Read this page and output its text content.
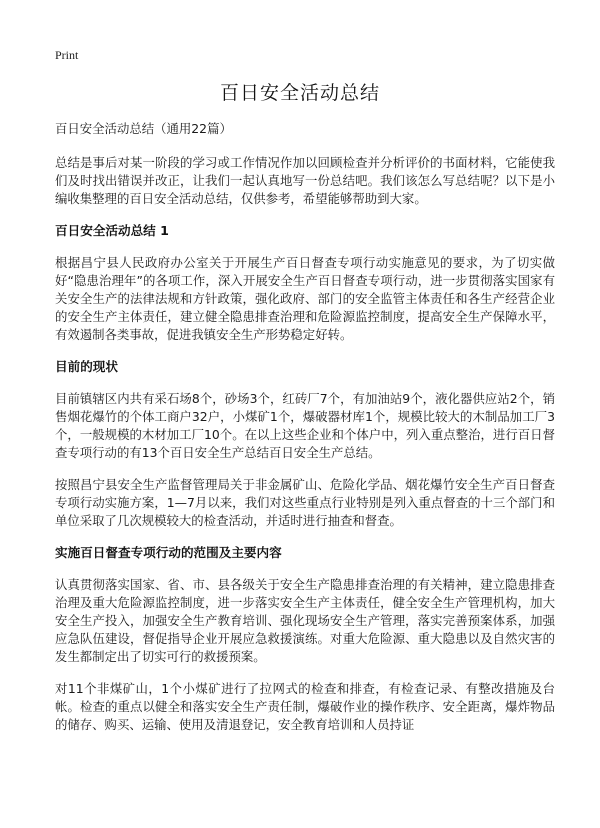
Print
百日安全活动总结

百日安全活动总结（通用22篇）

总结是事后对某一阶段的学习或工作情况作加以回顾检查并分析评价的书面材料，它能使我们及时找出错误并改正，让我们一起认真地写一份总结吧。我们该怎么写总结呢？以下是小编收集整理的百日安全活动总结，仅供参考，希望能够帮助到大家。

百日安全活动总结 1

根据昌宁县人民政府办公室关于开展生产百日督查专项行动实施意见的要求，为了切实做好“隐患治理年”的各项工作，深入开展安全生产百日督查专项行动，进一步贯彻落实国家有关安全生产的法律法规和方针政策，强化政府、部门的安全监管主体责任和各生产经营企业的安全生产主体责任，建立健全隐患排查治理和危险源监控制度，提高安全生产保障水平，有效遏制各类事故，促进我镇安全生产形势稳定好转。

目前的现状

目前镇辖区内共有采石场8个，砂场3个，红砖厂7个，有加油站9个，液化器供应站2个，销售烟花爆竹的个体工商户32户，小煤矿1个，爆破器材库1个，规模比较大的木制品加工厂3个，一般规模的木材加工厂10个。在以上这些企业和个体户中，列入重点整治，进行百日督查专项行动的有13个百日安全生产总结百日安全生产总结。

按照昌宁县安全生产监督管理局关于非金属矿山、危险化学品、烟花爆竹安全生产百日督查专项行动实施方案，1—7月以来，我们对这些重点行业特别是列入重点督查的十三个部门和单位采取了几次规模较大的检查活动，并适时进行抽查和督查。

实施百日督查专项行动的范围及主要内容

认真贯彻落实国家、省、市、县各级关于安全生产隐患排查治理的有关精神，建立隐患排查治理及重大危险源监控制度，进一步落实安全生产主体责任，健全安全生产管理机构，加大安全生产投入，加强安全生产教育培训、强化现场安全生产管理，落实完善预案体系，加强应急队伍建设，督促指导企业开展应急救援演练。对重大危险源、重大隐患以及自然灾害的发生都制定出了切实可行的救援预案。

对11个非煤矿山，1个小煤矿进行了拉网式的检查和排查，有检查记录、有整改措施及台帐。检查的重点以健全和落实安全生产责任制，爆破作业的操作秩序、安全距离，爆炸物品的储存、购买、运输、使用及清退登记，安全教育培训和人员持证
